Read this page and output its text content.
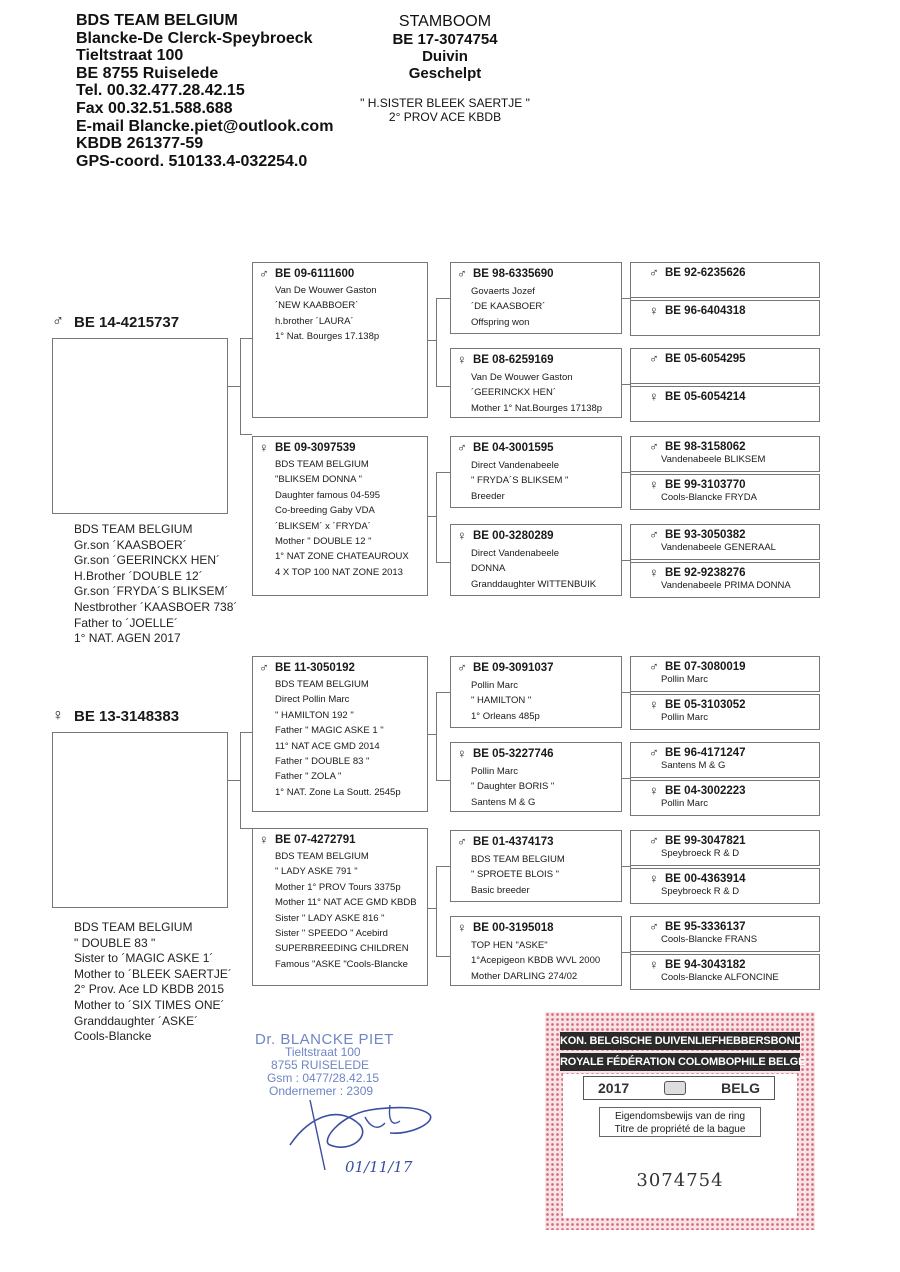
BDS TEAM BELGIUM
Blancke-De Clerck-Speybroeck
Tieltstraat 100
BE 8755 Ruiselede
Tel. 00.32.477.28.42.15
Fax 00.32.51.588.688
E-mail Blancke.piet@outlook.com
KBDB 261377-59
GPS-coord. 510133.4-032254.0
STAMBOOM
BE 17-3074754
Duivin
Geschelpt
" H.SISTER BLEEK SAERTJE "
2° PROV ACE KBDB
♂ BE 14-4215737
BDS TEAM BELGIUM
Gr.son ´KAASBOER´
Gr.son ´GEERINCKX HEN´
H.Brother ´DOUBLE 12´
Gr.son ´FRYDA´S BLIKSEM´
Nestbrother ´KAASBOER 738´
Father to ´JOELLE´
1° NAT. AGEN 2017
♀ BE 13-3148383
BDS TEAM BELGIUM
" DOUBLE 83 "
Sister to ´MAGIC ASKE 1´
Mother to ´BLEEK SAERTJE´
2° Prov. Ace LD KBDB 2015
Mother to ´SIX TIMES ONE´
Granddaughter ´ASKE´
Cools-Blancke
♂ BE 09-6111600
Van De Wouwer Gaston
´NEW KAABBOER´
h.brother ´LAURA´
1° Nat. Bourges 17.138p
♀ BE 09-3097539
BDS TEAM BELGIUM
"BLIKSEM DONNA "
Daughter famous 04-595
Co-breeding Gaby VDA
´BLIKSEM´ x ´FRYDA´
Mother " DOUBLE 12 "
1° NAT ZONE CHATEAUROUX
4 X TOP 100 NAT ZONE 2013
♂ BE 11-3050192
BDS TEAM BELGIUM
Direct Pollin Marc
" HAMILTON 192 "
Father " MAGIC ASKE 1 "
11° NAT ACE GMD 2014
Father " DOUBLE 83 "
Father " ZOLA "
1° NAT. Zone La Soutt. 2545p
♀ BE 07-4272791
BDS TEAM BELGIUM
" LADY ASKE 791 "
Mother 1° PROV Tours 3375p
Mother 11° NAT ACE GMD KBDB
Sister " LADY ASKE 816 "
Sister " SPEEDO " Acebird
SUPERBREEDING CHILDREN
Famous "ASKE "Cools-Blancke
♂ BE 98-6335690
Govaerts Jozef
´DE KAASBOER´
Offspring won
♀ BE 08-6259169
Van De Wouwer Gaston
´GEERINCKX HEN´
Mother 1° Nat.Bourges 17138p
♂ BE 04-3001595
Direct Vandenabeele
" FRYDA´S BLIKSEM "
Breeder
♀ BE 00-3280289
Direct Vandenabeele
DONNA
Granddaughter WITTENBUIK
♂ BE 09-3091037
Pollin Marc
" HAMILTON "
1° Orleans 485p
♀ BE 05-3227746
Pollin Marc
" Daughter BORIS "
Santens M & G
♂ BE 01-4374173
BDS TEAM BELGIUM
" SPROETE BLOIS "
Basic breeder
♀ BE 00-3195018
TOP HEN "ASKE"
1°Acepigeon KBDB WVL 2000
Mother DARLING 274/02
♂ BE 92-6235626
♀ BE 96-6404318
♂ BE 05-6054295
♀ BE 05-6054214
♂ BE 98-3158062
Vandenabeele BLIKSEM
♀ BE 99-3103770
Cools-Blancke FRYDA
♂ BE 93-3050382
Vandenabeele GENERAAL
♀ BE 92-9238276
Vandenabeele PRIMA DONNA
♂ BE 07-3080019
Pollin Marc
♀ BE 05-3103052
Pollin Marc
♂ BE 96-4171247
Santens M & G
♀ BE 04-3002223
Pollin Marc
♂ BE 99-3047821
Speybroeck R & D
♀ BE 00-4363914
Speybroeck R & D
♂ BE 95-3336137
Cools-Blancke FRANS
♀ BE 94-3043182
Cools-Blancke ALFONCINE
Dr. BLANCKE PIET
Tieltstraat 100
8755 RUISELEDE
Gsm : 0477/28.42.15
Ondernemer : 2309
01/11/17
KON. BELGISCHE DUIVENLIEFHEBBERSBOND
ROYALE FÉDÉRATION COLOMBOPHILE BELGE
2017	BELG
Eigendomsbewijs van de ring
Titre de propriété de la bague
3074754
